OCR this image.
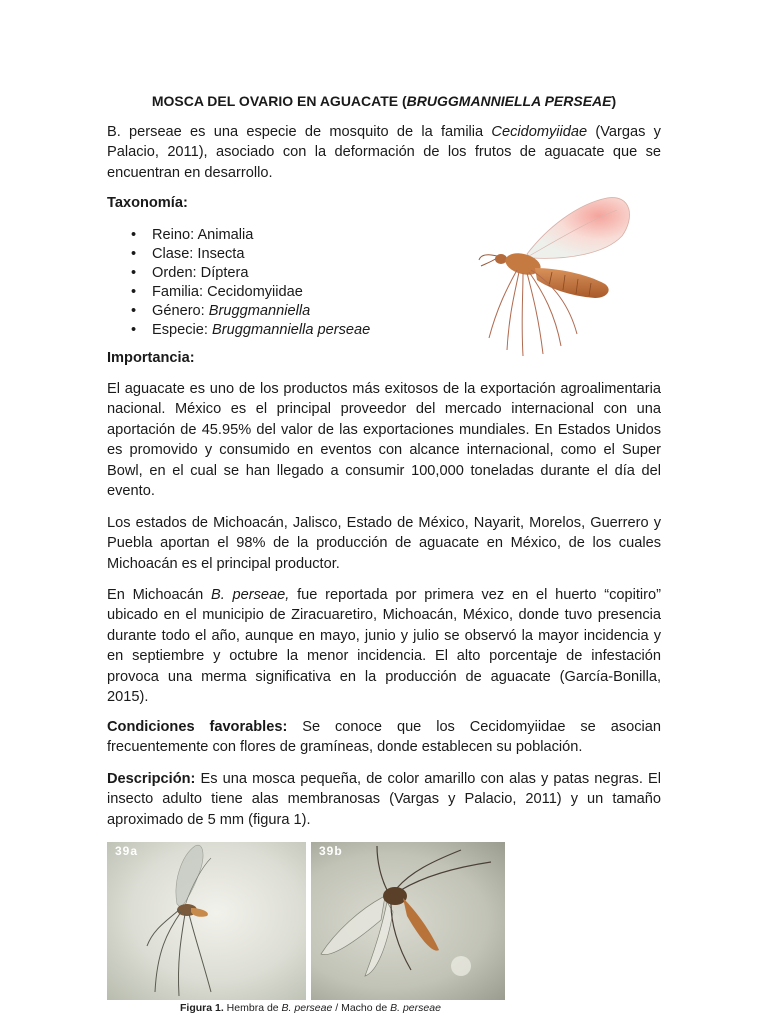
MOSCA DEL OVARIO EN AGUACATE (BRUGGMANNIELLA PERSEAE)

B. perseae es una especie de mosquito de la familia Cecidomyiidae (Vargas y Palacio, 2011), asociado con la deformación de los frutos de aguacate que se encuentran en desarrollo.

Taxonomía:
• Reino: Animalia
• Clase: Insecta
• Orden: Díptera
• Familia: Cecidomyiidae
• Género: Bruggmanniella
• Especie: Bruggmanniella perseae
Importancia:

El aguacate es uno de los productos más exitosos de la exportación agroalimentaria nacional. México es el principal proveedor del mercado internacional con una aportación de 45.95% del valor de las exportaciones mundiales. En Estados Unidos es promovido y consumido en eventos con alcance internacional, como el Super Bowl, en el cual se han llegado a consumir 100,000 toneladas durante el día del evento.

Los estados de Michoacán, Jalisco, Estado de México, Nayarit, Morelos, Guerrero y Puebla aportan el 98% de la producción de aguacate en México, de los cuales Michoacán es el principal productor.

En Michoacán B. perseae, fue reportada por primera vez en el huerto “copitiro” ubicado en el municipio de Ziracuaretiro, Michoacán, México, donde tuvo presencia durante todo el año, aunque en mayo, junio y julio se observó la mayor incidencia y en septiembre y octubre la menor incidencia. El alto porcentaje de infestación provoca una merma significativa en la producción de aguacate (García-Bonilla, 2015).

Condiciones favorables: Se conoce que los Cecidomyiidae se asocian frecuentemente con flores de gramíneas, donde establecen su población.

Descripción: Es una mosca pequeña, de color amarillo con alas y patas negras. El insecto adulto tiene alas membranosas (Vargas y Palacio, 2011) y un tamaño aproximado de 5 mm (figura 1).

39a	39b
Figura 1. Hembra de B. perseae / Macho de B. perseae
